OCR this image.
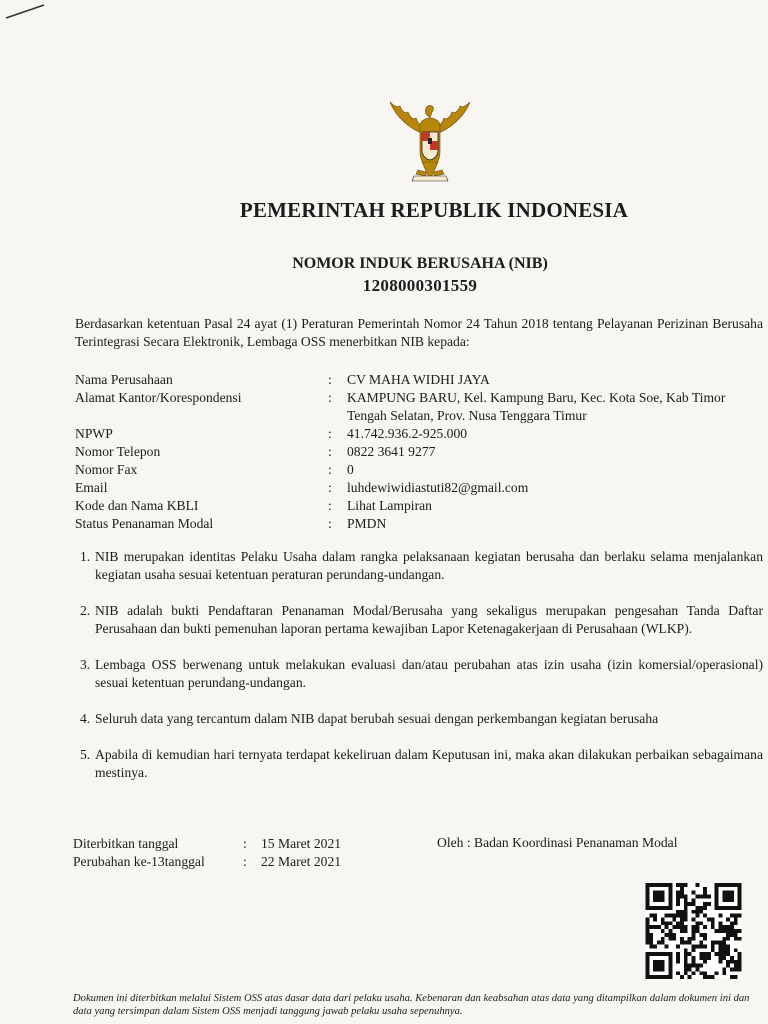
PEMERINTAH REPUBLIK INDONESIA
NOMOR INDUK BERUSAHA (NIB)
1208000301559
Berdasarkan ketentuan Pasal 24 ayat (1) Peraturan Pemerintah Nomor 24 Tahun 2018 tentang Pelayanan Perizinan Berusaha Terintegrasi Secara Elektronik, Lembaga OSS menerbitkan NIB kepada:
Nama Perusahaan	:	CV MAHA WIDHI JAYA
Alamat Kantor/Korespondensi	:	KAMPUNG BARU, Kel. Kampung Baru, Kec. Kota Soe, Kab Timor Tengah Selatan, Prov. Nusa Tenggara Timur
NPWP	:	41.742.936.2-925.000
Nomor Telepon	:	0822 3641 9277
Nomor Fax	:	0
Email	:	luhdewiwidiastuti82@gmail.com
Kode dan Nama KBLI	:	Lihat Lampiran
Status Penanaman Modal	:	PMDN
1. NIB merupakan identitas Pelaku Usaha dalam rangka pelaksanaan kegiatan berusaha dan berlaku selama menjalankan kegiatan usaha sesuai ketentuan peraturan perundang-undangan.
2. NIB adalah bukti Pendaftaran Penanaman Modal/Berusaha yang sekaligus merupakan pengesahan Tanda Daftar Perusahaan dan bukti pemenuhan laporan pertama kewajiban Lapor Ketenagakerjaan di Perusahaan (WLKP).
3. Lembaga OSS berwenang untuk melakukan evaluasi dan/atau perubahan atas izin usaha (izin komersial/operasional) sesuai ketentuan perundang-undangan.
4. Seluruh data yang tercantum dalam NIB dapat berubah sesuai dengan perkembangan kegiatan berusaha
5. Apabila di kemudian hari ternyata terdapat kekeliruan dalam Keputusan ini, maka akan dilakukan perbaikan sebagaimana mestinya.
Diterbitkan tanggal	:	15 Maret 2021
Perubahan ke-13tanggal	:	22 Maret 2021
Oleh : Badan Koordinasi Penanaman Modal
Dokumen ini diterbitkan melalui Sistem OSS atas dasar data dari pelaku usaha. Kebenaran dan keabsahan atas data yang ditampilkan dalam dokumen ini dan data yang tersimpan dalam Sistem OSS menjadi tanggung jawab pelaku usaha sepenuhnya.
